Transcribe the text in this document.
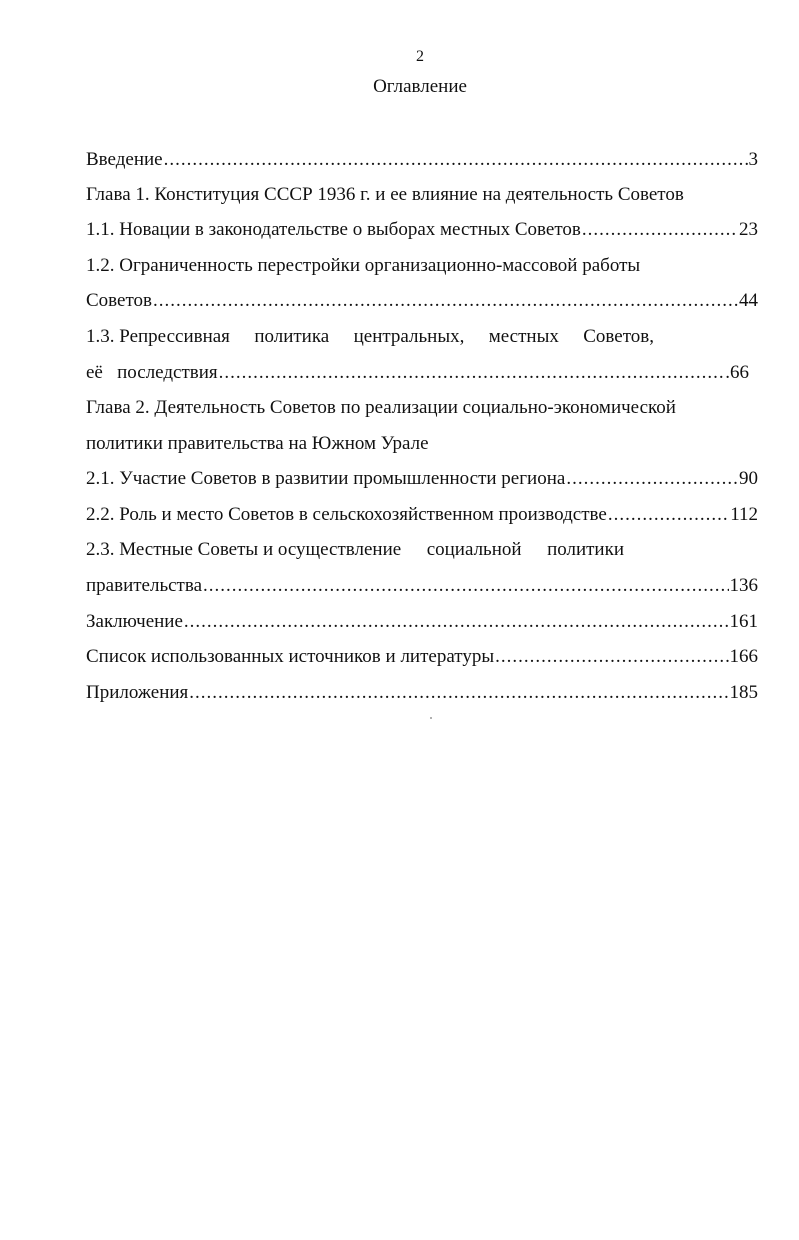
2
Оглавление
Введение .....	3
Глава 1. Конституция СССР 1936 г. и ее влияние на деятельность Советов
1.1. Новации в законодательстве о выборах местных Советов .....	23
1.2. Ограниченность перестройки организационно-массовой работы
Советов .....	44
1.3. Репрессивная политика центральных, местных Советов,
её   последствия .....	.66
Глава 2. Деятельность Советов по реализации социально-экономической
политики правительства на Южном Урале
2.1. Участие Советов в развитии промышленности региона .....	90
2.2. Роль и место Советов в сельскохозяйственном производстве .....	112
2.3. Местные Советы и осуществление социальной политики
правительства .....	136
Заключение .....	161
Список использованных источников и литературы .....	166
Приложения .....	185
